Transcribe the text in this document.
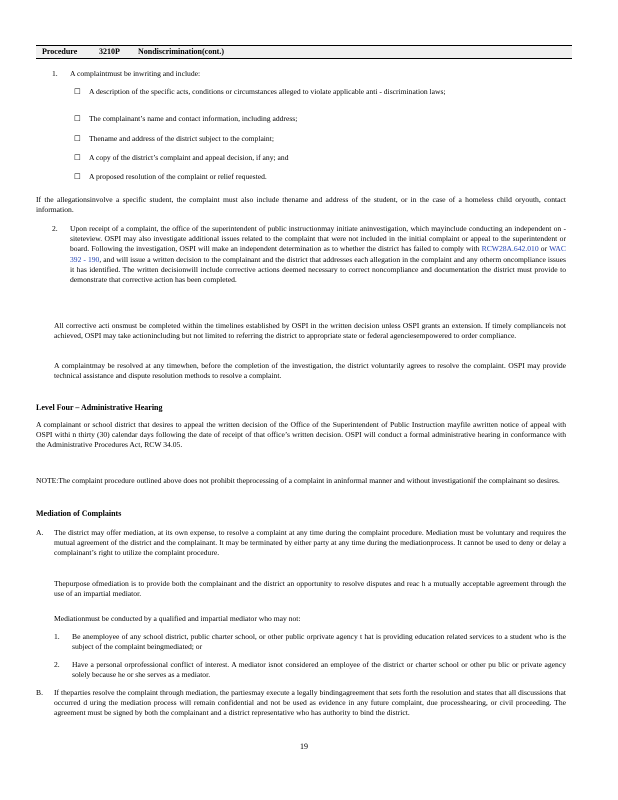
Procedure	3210P Nondiscrimination(cont.)
1.	A complaintmust be inwriting and include:
☐	A description of the specific acts, conditions or circumstances alleged to violate applicable anti - discrimination laws;
☐	The complainant’s name and contact information, including address;
☐	Thename and address of the district subject to the complaint;
☐	A copy of the district’s complaint and appeal decision, if any; and
☐	A proposed resolution of the complaint or relief requested.
If the allegationsinvolve a specific student, the complaint must also include thename and address of the student, or in the case of a homeless child oryouth, contact information.
2.	Upon receipt of a complaint, the office of the superintendent of public instructionmay initiate aninvestigation, which mayinclude conducting an independent on -siteteview. OSPI may also investigate additional issues related to the complaint that were not included in the initial complaint or appeal to the superintendent or board. Following the investigation, OSPI will make an independent determination as to whether the district has failed to comply with RCW28A.642.010 or WAC 392 - 190, and will issue a written decision to the complainant and the district that addresses each allegation in the complaint and any otherm oncompliance issues it has identified. The written decisionwill include corrective actions deemed necessary to correct noncompliance and documentation the district must provide to demonstrate that corrective action has been completed.
All corrective acti onsmust be completed within the timelines established by OSPI in the written decision unless OSPI grants an extension. If timely compliancеis not achieved, OSPI may take actionincluding but not limited to referring the district to appropriate state or federal agenciesempowered to order compliance.
A complaintmay be resolved at any timewhen, before the completion of the investigation, the district voluntarily agrees to resolve the complaint. OSPI may provide technical assistance and dispute resolution methods to resolve a complaint.
Level Four – Administrative Hearing
A complainant or school district that desires to appeal the written decision of the Office of the Superintendent of Public Instruction mayfile awritten notice of appeal with OSPI withi n thirty (30) calendar days following the date of receipt of that office’s written decision. OSPI will conduct a formal administrative hearing in conformance with the Administrative Procedures Act, RCW 34.05.
NOTE:The complaint procedure outlined above does not prohibit theprocessing of a complaint in aninformal manner and without investigationif the complainant so desires.
Mediation of Complaints
A.	The district may offer mediation, at its own expense, to resolve a complaint at any time during the complaint procedure. Mediation must be voluntary and requires the mutual agreement of the district and the complainant. It may be terminated by either party at any time during the mediationprocess. It cannot be used to deny or delay a complainant’s right to utilize the complaint procedure.
Thepurpose ofmediation is to provide both the complainant and the district an opportunity to resolve disputes and reac h a mutually acceptable agreement through the use of an impartial mediator.
Mediationmust be conducted by a qualified and impartial mediator who may not:
1.	Be anemployee of any school district, public charter school, or other public orprivate agency t hat is providing education related services to a student who is the subject of the complaint beingmediated; or
2.	Have a personal orprofessional conflict of interest. A mediator isnot considered an employee of the district or charter school or other pu blic or private agency solely because he or she serves as a mediator.
B.	If theparties resolve the complaint through mediation, the partiesmay execute a legally bindingagreement that sets forth the resolution and states that all discussions that occurred d uring the mediation process will remain confidential and not be used as evidence in any future complaint, due processhearing, or civil proceeding. The agreement must be signed by both the complainant and a district representative who has authority to bind the district.
19
